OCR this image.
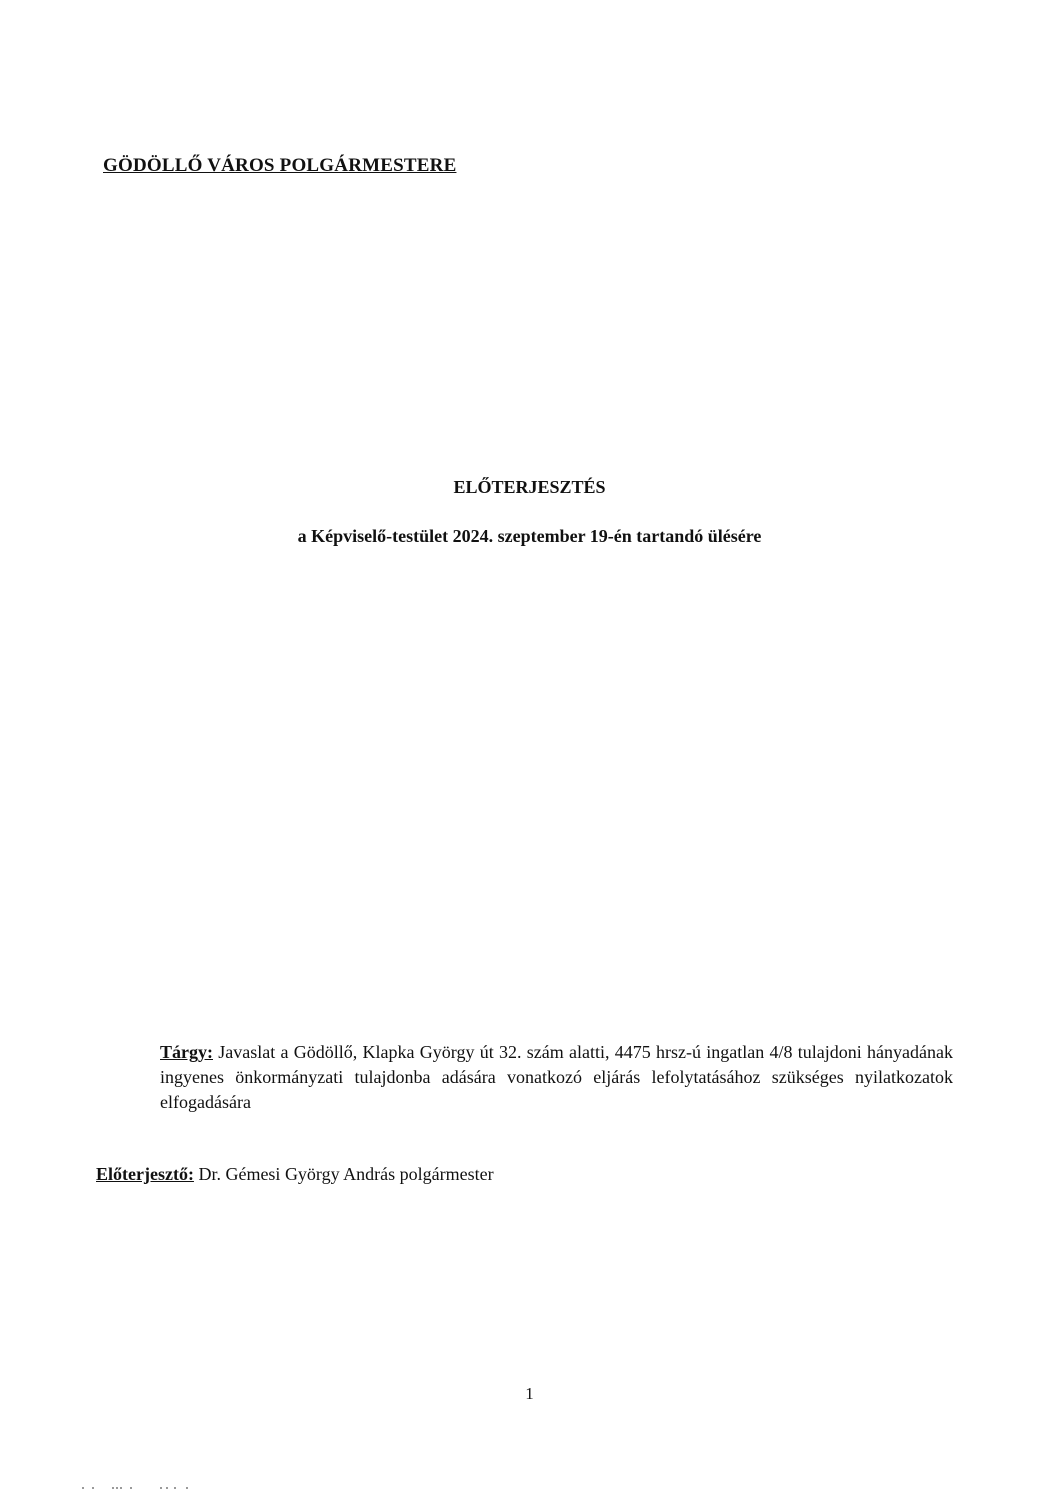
GÖDÖLLŐ VÁROS POLGÁRMESTERE
ELŐTERJESZTÉS
a Képviselő-testület 2024. szeptember 19-én tartandó ülésére
Tárgy: Javaslat a Gödöllő, Klapka György út 32. szám alatti, 4475 hrsz-ú ingatlan 4/8 tulajdoni hányadának ingyenes önkormányzati tulajdonba adására vonatkozó eljárás lefolytatásához szükséges nyilatkozatok elfogadására
Előterjesztő: Dr. Gémesi György András polgármester
1
